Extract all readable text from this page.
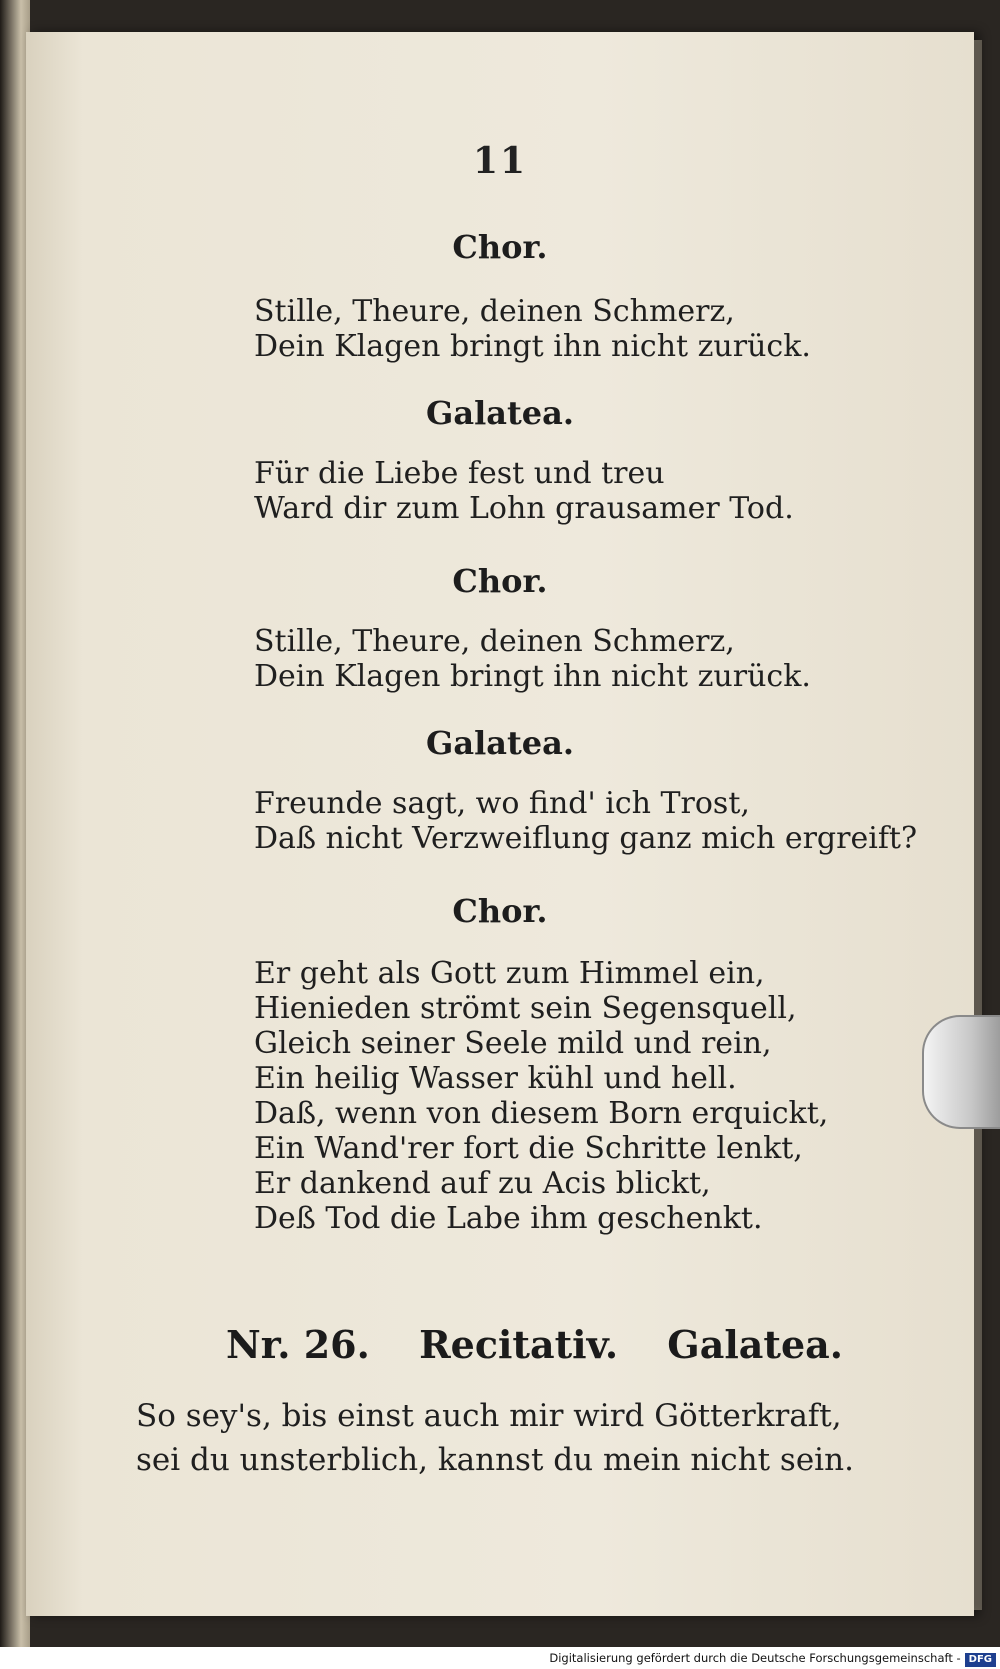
11
Chor.
Stille, Theure, deinen Schmerz,
Dein Klagen bringt ihn nicht zurück.
Galatea.
Für die Liebe fest und treu
Ward dir zum Lohn grausamer Tod.
Chor.
Stille, Theure, deinen Schmerz,
Dein Klagen bringt ihn nicht zurück.
Galatea.
Freunde sagt, wo find' ich Trost,
Daß nicht Verzweiflung ganz mich ergreift?
Chor.
Er geht als Gott zum Himmel ein,
Hienieden strömt sein Segensquell,
Gleich seiner Seele mild und rein,
Ein heilig Wasser kühl und hell.
Daß, wenn von diesem Born erquickt,
Ein Wand'rer fort die Schritte lenkt,
Er dankend auf zu Acis blickt,
Deß Tod die Labe ihm geschenkt.
Nr. 26. Recitativ. Galatea.
So sey's, bis einst auch mir wird Götterkraft,
sei du unsterblich, kannst du mein nicht sein.
Digitalisierung gefördert durch die Deutsche Forschungsgemeinschaft - DFG
